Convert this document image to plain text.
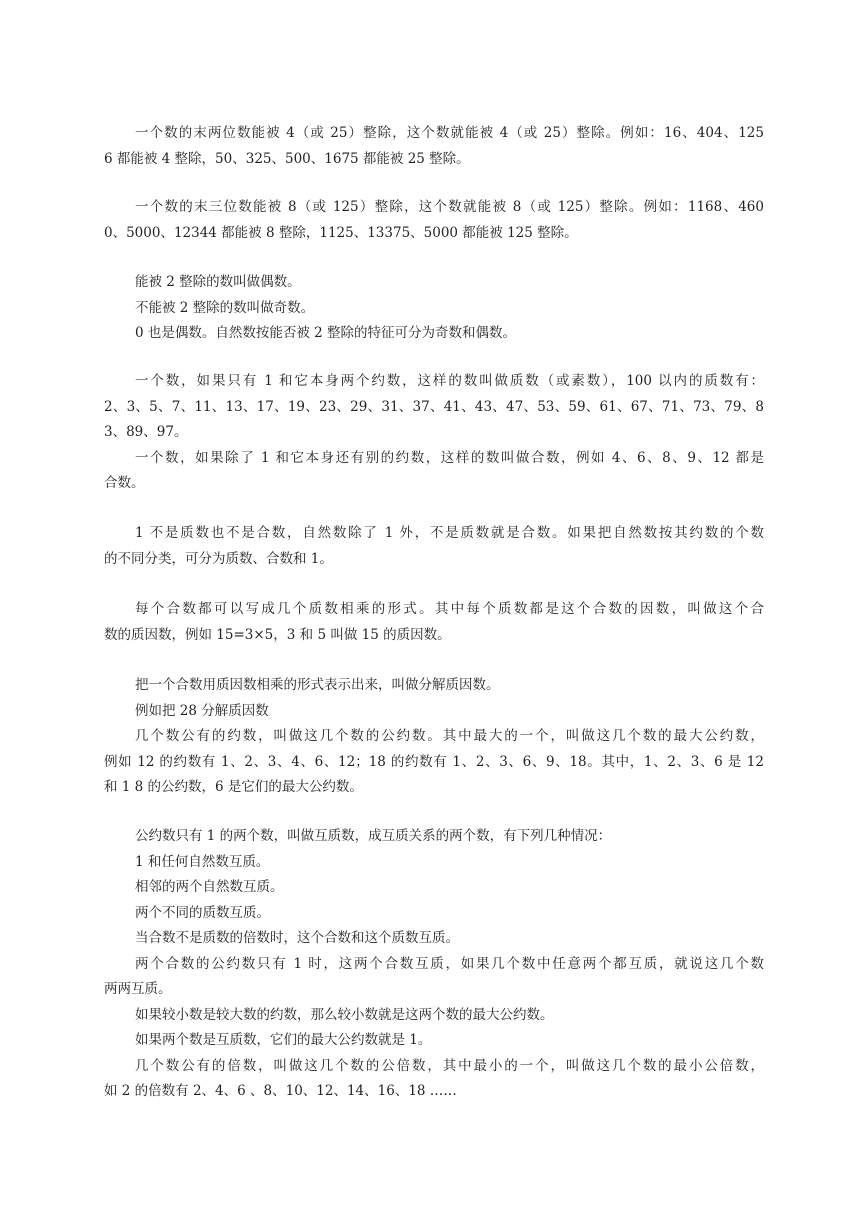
一个数的末两位数能被 4（或 25）整除，这个数就能被 4（或 25）整除。例如：16、404、125
6 都能被 4 整除，50、325、500、1675 都能被 25 整除。
一个数的末三位数能被 8（或 125）整除，这个数就能被 8（或 125）整除。例如：1168、460
0、5000、12344 都能被 8 整除，1125、13375、5000 都能被 125 整除。
能被 2 整除的数叫做偶数。
不能被 2 整除的数叫做奇数。
0 也是偶数。自然数按能否被 2 整除的特征可分为奇数和偶数。
一个数，如果只有 1 和它本身两个约数，这样的数叫做质数（或素数），100 以内的质数有：
2、3、5、7、11、13、17、19、23、29、31、37、41、43、47、53、59、61、67、71、73、79、8
3、89、97。
一个数，如果除了 1 和它本身还有别的约数，这样的数叫做合数，例如 4、6、8、9、12 都是
合数。
1 不是质数也不是合数，自然数除了 1 外，不是质数就是合数。如果把自然数按其约数的个数
的不同分类，可分为质数、合数和 1。
每个合数都可以写成几个质数相乘的形式。其中每个质数都是这个合数的因数，叫做这个合
数的质因数，例如 15=3×5，3 和 5 叫做 15 的质因数。
把一个合数用质因数相乘的形式表示出来，叫做分解质因数。
例如把 28 分解质因数
几个数公有的约数，叫做这几个数的公约数。其中最大的一个，叫做这几个数的最大公约数，
例如 12 的约数有 1、2、3、4、6、12；18 的约数有 1、2、3、6、9、18。其中，1、2、3、6 是 12
和 1 8 的公约数，6 是它们的最大公约数。
公约数只有 1 的两个数，叫做互质数，成互质关系的两个数，有下列几种情况：
1 和任何自然数互质。
相邻的两个自然数互质。
两个不同的质数互质。
当合数不是质数的倍数时，这个合数和这个质数互质。
两个合数的公约数只有 1 时，这两个合数互质，如果几个数中任意两个都互质，就说这几个数
两两互质。
如果较小数是较大数的约数，那么较小数就是这两个数的最大公约数。
如果两个数是互质数，它们的最大公约数就是 1。
几个数公有的倍数，叫做这几个数的公倍数，其中最小的一个，叫做这几个数的最小公倍数，
如 2 的倍数有 2、4、6 、8、10、12、14、16、18 ……
